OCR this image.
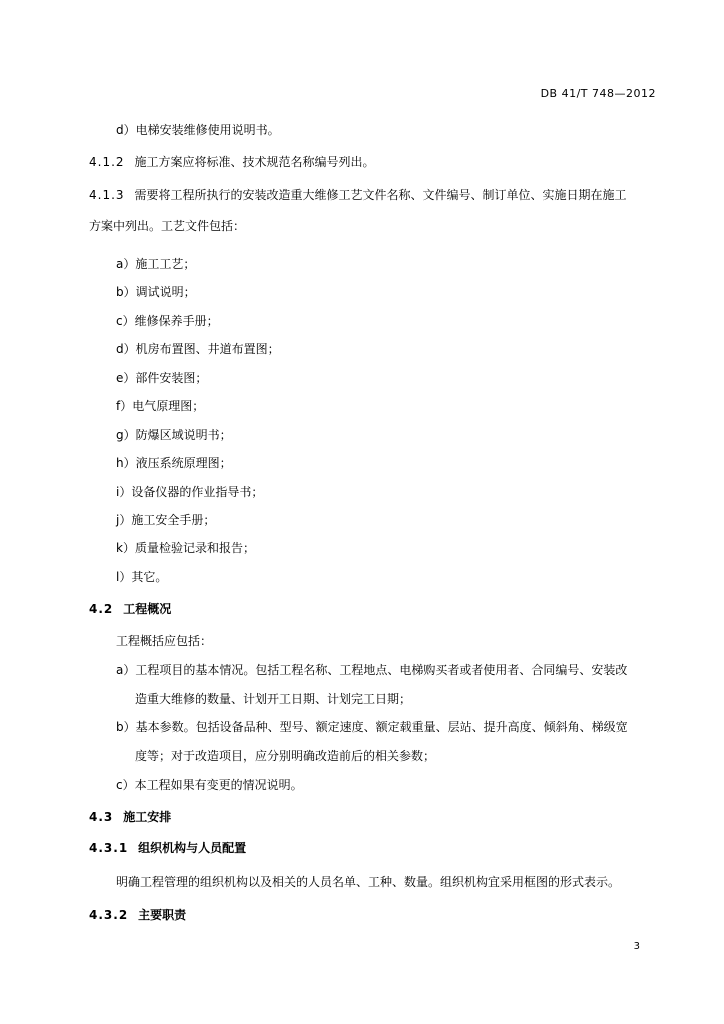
DB 41/T 748—2012
d）电梯安装维修使用说明书。
4.1.2 施工方案应将标准、技术规范名称编号列出。
4.1.3 需要将工程所执行的安装改造重大维修工艺文件名称、文件编号、制订单位、实施日期在施工
方案中列出。工艺文件包括：
a）施工工艺；
b）调试说明；
c）维修保养手册；
d）机房布置图、井道布置图；
e）部件安装图；
f）电气原理图；
g）防爆区域说明书；
h）液压系统原理图；
i）设备仪器的作业指导书；
j）施工安全手册；
k）质量检验记录和报告；
l）其它。
4.2 工程概况
工程概括应包括：
a）工程项目的基本情况。包括工程名称、工程地点、电梯购买者或者使用者、合同编号、安装改
造重大维修的数量、计划开工日期、计划完工日期；
b）基本参数。包括设备品种、型号、额定速度、额定载重量、层站、提升高度、倾斜角、梯级宽
度等；对于改造项目，应分别明确改造前后的相关参数；
c）本工程如果有变更的情况说明。
4.3 施工安排
4.3.1 组织机构与人员配置
明确工程管理的组织机构以及相关的人员名单、工种、数量。组织机构宜采用框图的形式表示。
4.3.2 主要职责
3
